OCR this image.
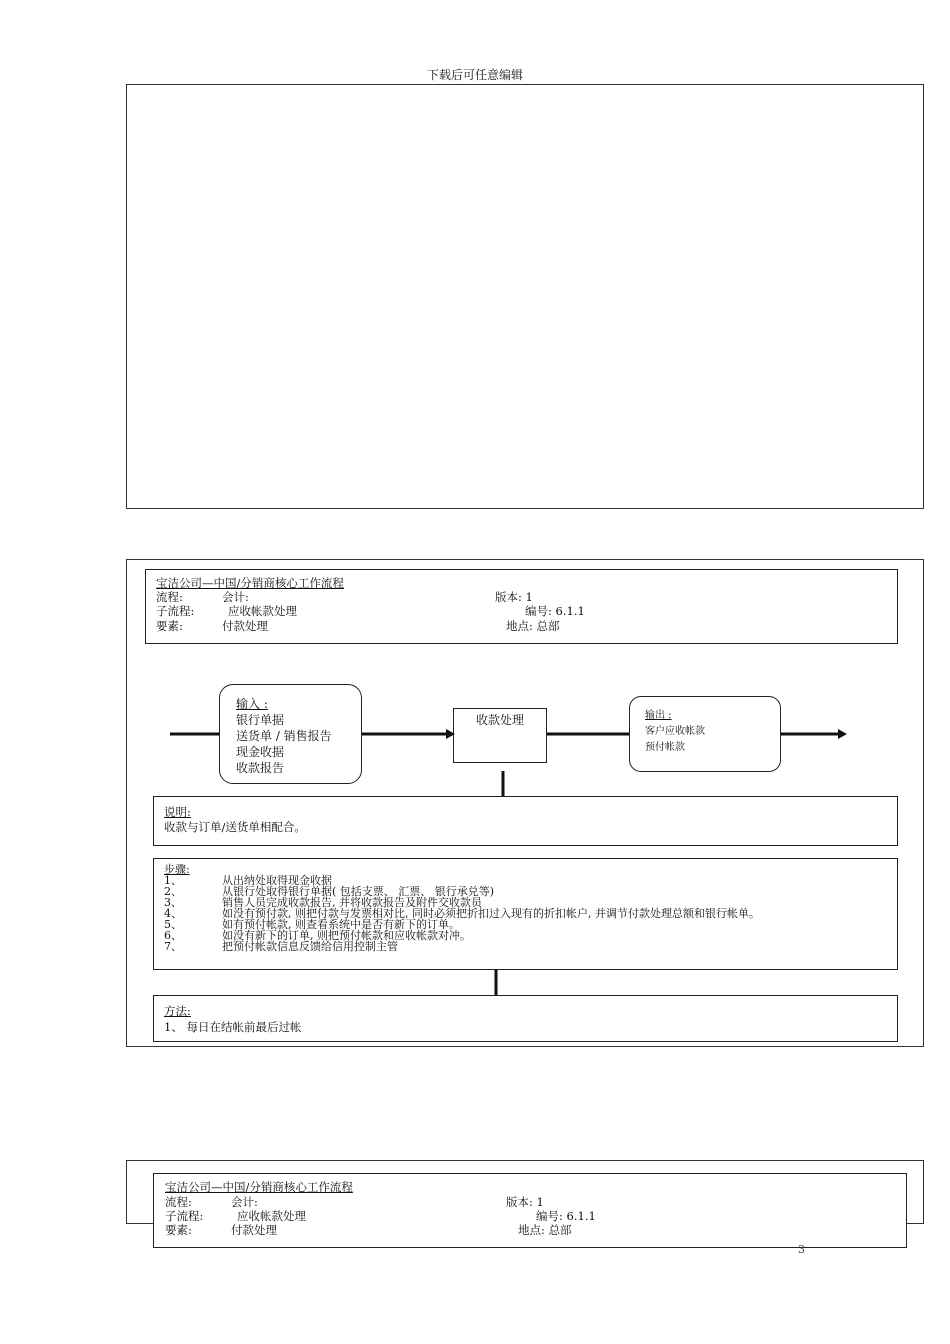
下载后可任意编辑
宝洁公司—中国/分销商核心工作流程
流程:	会计:	版本: 1
子流程:	应收帐款处理	编号: 6.1.1
要素:	付款处理	地点: 总部
输入 :
银行单据
送货单 / 销售报告
现金收据
收款报告
收款处理	输出 :
客户应收帐款
预付帐款
说明:
收款与订单/送货单相配合。
步骤:
1、	从出纳处取得现金收据
2、	从银行处取得银行单据( 包括支票、 汇票、 银行承兑等)
3、	销售人员完成收款报告, 并将收款报告及附件交收款员
4、	如没有预付款, 则把付款与发票相对比, 同时必须把折扣过入现有的折扣帐户, 并调节付款处理总额和银行帐单。
5、	如有预付帐款, 则查看系统中是否有新下的订单。
6、	如没有新下的订单, 则把预付帐款和应收帐款对冲。
7、	把预付帐款信息反馈给信用控制主管
方法:
1、 每日在结帐前最后过帐
宝洁公司—中国/分销商核心工作流程
流程:	会计:	版本: 1
子流程:	应收帐款处理	编号: 6.1.1
要素:	付款处理	地点: 总部
3
